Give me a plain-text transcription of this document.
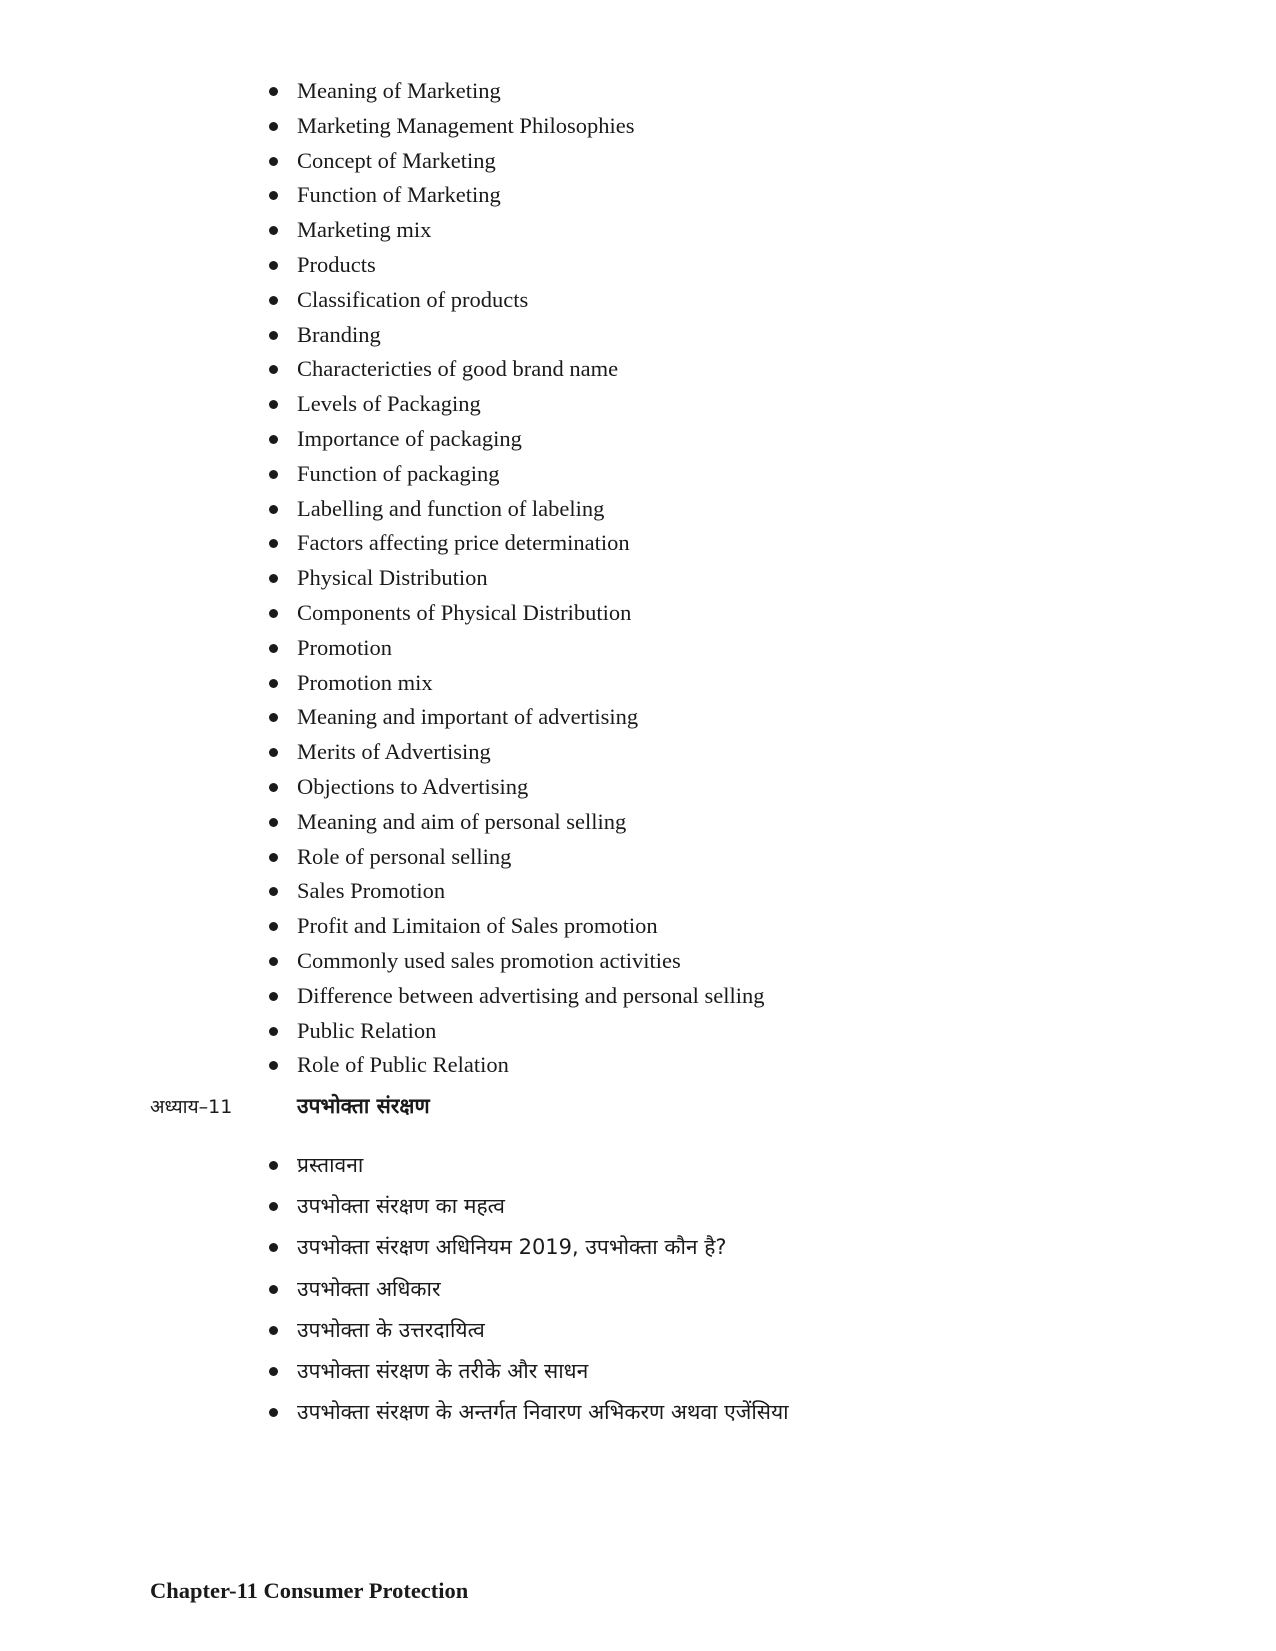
Meaning of Marketing
Marketing Management Philosophies
Concept of Marketing
Function of Marketing
Marketing mix
Products
Classification of products
Branding
Charactericties of good brand name
Levels of Packaging
Importance of packaging
Function of packaging
Labelling and function of labeling
Factors affecting price determination
Physical Distribution
Components of Physical Distribution
Promotion
Promotion mix
Meaning and important of advertising
Merits of Advertising
Objections to Advertising
Meaning and aim of personal selling
Role of personal selling
Sales Promotion
Profit and Limitaion of Sales promotion
Commonly used sales promotion activities
Difference between advertising and personal selling
Public Relation
Role of Public Relation
अध्याय–11	उपभोक्ता संरक्षण
प्रस्तावना
उपभोक्ता संरक्षण का महत्व
उपभोक्ता संरक्षण अधिनियम 2019, उपभोक्ता कौन है?
उपभोक्ता अधिकार
उपभोक्ता के उत्तरदायित्व
उपभोक्ता संरक्षण के तरीके और साधन
उपभोक्ता संरक्षण के अन्तर्गत निवारण अभिकरण अथवा एजेंसिया
Chapter-11 Consumer Protection
